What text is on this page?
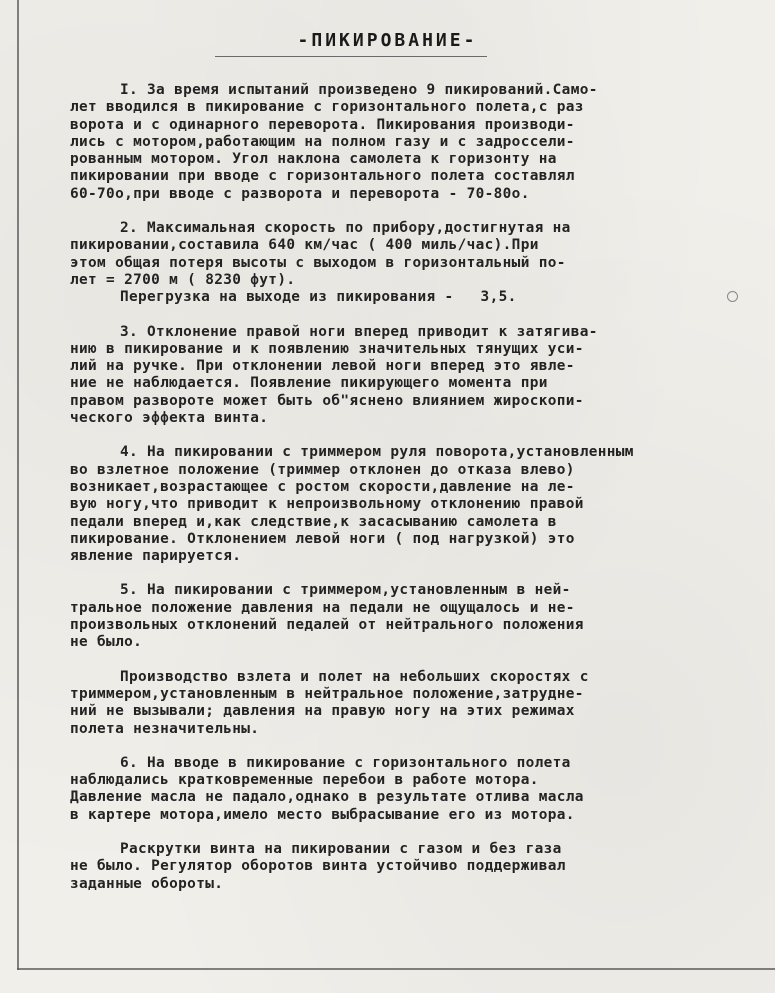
-ПИКИРОВАНИЕ-
I. За время испытаний произведено 9 пикирований.Само-
лет вводился в пикирование с горизонтального полета,с раз
ворота и с одинарного переворота. Пикирования производи-
лись с мотором,работающим на полном газу и с задроссели-
рованным мотором. Угол наклона самолета к горизонту на
пикировании при вводе с горизонтального полета составлял
60-70о,при вводе с разворота и переворота - 70-80о.
2. Максимальная скорость по прибору,достигнутая на
пикировании,составила 640 км/час ( 400 миль/час).При
этом общая потеря высоты с выходом в горизонтальный по-
лет = 2700 м ( 8230 фут).
Перегрузка на выходе из пикирования -   3,5.
3. Отклонение правой ноги вперед приводит к затягива-
нию в пикирование и к появлению значительных тянущих уси-
лий на ручке. При отклонении левой ноги вперед это явле-
ние не наблюдается. Появление пикирующего момента при
правом развороте может быть об"яснено влиянием жироскопи-
ческого эффекта винта.
4. На пикировании с триммером руля поворота,установленным
во взлетное положение (триммер отклонен до отказа влево)
возникает,возрастающее с ростом скорости,давление на ле-
вую ногу,что приводит к непроизвольному отклонению правой
педали вперед и,как следствие,к засасыванию самолета в
пикирование. Отклонением левой ноги ( под нагрузкой) это
явление парируется.
5. На пикировании с триммером,установленным в ней-
тральное положение давления на педали не ощущалось и не-
произвольных отклонений педалей от нейтрального положения
не было.
Производство взлета и полет на небольших скоростях с
триммером,установленным в нейтральное положение,затрудне-
ний не вызывали; давления на правую ногу на этих режимах
полета незначительны.
6. На вводе в пикирование с горизонтального полета
наблюдались кратковременные перебои в работе мотора.
Давление масла не падало,однако в результате отлива масла
в картере мотора,имело место выбрасывание его из мотора.
Раскрутки винта на пикировании с газом и без газа
не было. Регулятор оборотов винта устойчиво поддерживал
заданные обороты.
